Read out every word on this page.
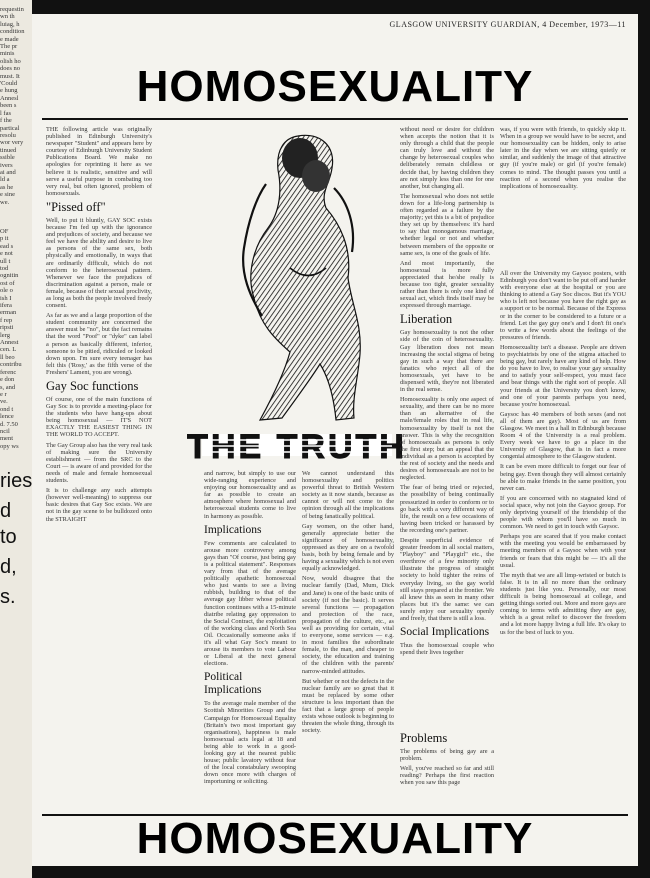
requestin
wn th
luiag, h
condition
e made
The pr
minis
olish ho
does no
must. It
'Could
e hung
Annesl
been s
l fas
f the
partical
resolu
wor very
tinued
ssible
ivers
ai and
ld a
as he
e sine
we.
OF
p it
ead s
e not
ull t
tod
ognitin
ost of
ole o
ish I
ifera
erman
f rep
ripsti
lerg
Annest
cen. L
ll beo
contribu
ferenc
e don
s, and
e r
ve.
ond t
lence
d. 7.50
ncil
ment
opy ws
ries
d to
d,
s.
GLASGOW UNIVERSITY GUARDIAN, 4 December, 1973—11
HOMOSEXUALITY

THE following article was originally published in Edinburgh University's newspaper "Student" and appears here by courtesy of Edinburgh University Student Publications Board. We make no apologies for reprinting it here as we believe it is realistic, sensitive and will serve a useful purpose in combating too very real, but often ignored, problem of homosexuals.

"Pissed off"

Well, to put it bluntly, GAY SOC exists because I'm fed up with the ignorance and prejudices of society, and because we feel we have the ability and desire to live as persons of the same sex, both physically and emotionally, in ways that are ordinarily difficult, which do not conform to the heterosexual pattern. Whenever we face the prejudices of discrimination against a person, male or female, because of their sexual proclivity, as long as both the people involved freely consent.

As far as we and a large proportion of the student community are concerned the answer must be "no", but the fact remains that the word "Poof" or "dyke" can label a person as basically different, inferior, someone to be pitied, ridiculed or looked down upon. I'm sure every teenager has felt this ('Rosy,' as the fifth verse of the Freshers' Lament, you are wrong).

Gay Soc functions

Of course, one of the main functions of Gay Soc is to provide a meeting-place for the students who have hang-ups about being homosexual — IT'S NOT EXACTLY THE EASIEST THING IN THE WORLD TO ACCEPT.

The Gay Group also has the very real task of making sure the University establishment — from the SRC to the Court — is aware of and provided for the needs of male and female homosexual students.

It is to challenge any such attempts (however well-meaning) to suppress our basic desires that Gay Soc exists. We are not in the gay scene to be bulldozed onto the STRAIGHT

THE TRUTH

and narrow, but simply to use our wide-ranging experience and enjoying our homosexuality and as far as possible to create an atmosphere where homosexual and heterosexual students come to live in harmony as possible.

Implications

Few comments are calculated to arouse more controversy among gays than "Of course, just being gay is a political statement". Responses vary from that of the average politically apathetic homosexual who just wants to see a living rubbish, building to that of the average gay libber whose political function continues with a 15-minute diatribe relating gay oppression to the Social Contract, the exploitation of the working class and North Sea Oil. Occasionally someone asks if it's all what Gay Soc's meant to arouse its members to vote Labour or Liberal at the next general elections.

Political Implications

To the average male member of the Scottish Minorities Group and the Campaign for Homosexual Equality (Britain's two most important gay organisations), happiness is male homosexual acts legal at 18 and being able to work in a good-looking guy at the nearest public house; public lavatory without fear of the local constabulary swooping down once more with charges of importuning or soliciting.

We cannot understand this homosexuality and politics powerful threat to British Western society as it now stands, because as cannot or will not come to the opinion through all the implications of being fanatically political.

Gay women, on the other hand, generally appreciate better the significance of homosexuality, oppressed as they are on a twofold basis, both by being female and by having a sexuality which is not even equally acknowledged.

Now, would disagree that the nuclear family (Dad, Mum, Dick and Jane) is one of the basic units of society (if not the basic). It serves several functions — propagation and protection of the race, propagation of the culture, etc., as well as providing for certain, vital to everyone, some services — e.g. in most families the subordinate female, to the man, and cheaper to society, the education and training of the children with the parents' narrow-minded attitudes.

But whether or not the defects in the nuclear family are so great that it must be replaced by some other structure is less important than the fact that a large group of people exists whose outlook is beginning to threaten the whole thing, through its society.

without need or desire for children when accepts the notion that it is only through a child that the people can truly love and without the change by heterosexual couples who deliberately remain childless or decide that, by having children they are not simply less than one for one another, but changing all.

The homosexual who does not settle down for a life-long partnership is often regarded as a failure by the majority; yet this is a bit of prejudice they set up by themselves: it's hard to say that monogamous marriage, whether legal or not and whether between members of the opposite or same sex, is one of the goals of life.

And most importantly, the homosexual is more fully appreciated that he/she really is because too tight, greater sexuality rather than there is only one kind of sexual act, which finds itself may be expressed through marriage.

Liberation

Gay homosexuality is not the other side of the coin of heterosexuality. Gay liberation does not mean increasing the social stigma of being gay in such a way that there are fanatics who reject all of the homosexuals, yet have to be dispensed with, they're not liberated in the real sense.

Homosexuality is only one aspect of sexuality, and there can be no more than an alternative of the male/female roles that in real life, homosexuality by itself is not the answer. This is why the recognition of homosexuals as persons is only the first step; but an appeal that the individual as a person is accepted by the rest of society and the needs and desires of homosexuals are not to be neglected.

The fear of being tried or rejected, the possibility of being continually pressurized in order to conform or to go back with a very different way of life, the result on a few occasions of having been tricked or harassed by the recording one's partner.

Despite superficial evidence of greater freedom in all social matters, "Playboy" and "Playgirl" etc., the overthrow of a few minority only illustrate the progress of straight society to hold tighter the reins of everyday living, so the gay world still stays prepared at the frontier. We all knew this as seen in many other places but it's the same: we can surely enjoy our sexuality openly and freely, that there is still a loss.

Social Implications

Thus the homosexual couple who spend their lives together

was, if you were with friends, to quickly skip it. When in a group we would have to be secret, and our homosexuality can be hidden, only to arise later in the day when we are sitting quietly or similar, and suddenly the image of that attractive guy (if you're male) or girl (if you're female) comes to mind. The thought passes you until a reaction of a second when you realise the implications of homosexuality.

All over the University my Gaysoc posters, with Edinburgh you don't want to be put off and harder with everyone else at the hospital or you are thinking to attend a Gay Soc discos. But it's YOU who is left not because you have the right gay as a support or to be normal. Because of the Express or in the corner to be considered to a future or a friend. Let the gay guy one's and I don't fit one's to write a few words about the feelings of the pressures of friends.

Homosexuality isn't a disease. People are driven to psychiatrists by one of the stigma attached to being gay, but rarely have any kind of help. How do you have to live, to realise your gay sexuality and to satisfy your self-respect, you must face and bear things with the right sort of people. All your friends at the University you don't know, and one of your parents perhaps you need, because you're homosexual.

Gaysoc has 40 members of both sexes (and not all of them are gay). Most of us are from Glasgow. We meet in a hall in Edinburgh because Room 4 of the University is a real problem. Every week we have to go a place in the University of Glasgow, that is in fact a more congenial atmosphere to the Glasgow student.

It can be even more difficult to forget our fear of being gay. Even though they will almost certainly be able to make friends in the same position, you never can.

If you are concerned with no stagnated kind of social space, why not join the Gaysoc group. For only depriving yourself of the friendship of the people with whom you'll have so much in common. We need to get in touch with Gaysoc.

Perhaps you are scared that if you make contact with the meeting you would be embarrassed by meeting members of a Gaysoc when with your friends or fears that this might be — it's all the usual.

The myth that we are all limp-wristed or butch is false. It is in all no more than the ordinary students just like you. Personally, our most difficult is being homosexual at college, and getting things sorted out. More and more gays are coming to terms with admitting they are gay, which is a great relief to discover the freedom and a lot more happy living a full life. It's okay to us for the best of luck to you.

Problems

The problems of being gay are a problem.

Well, you've reached so far and still reading? Perhaps the first reaction when you saw this page

HOMOSEXUALITY
